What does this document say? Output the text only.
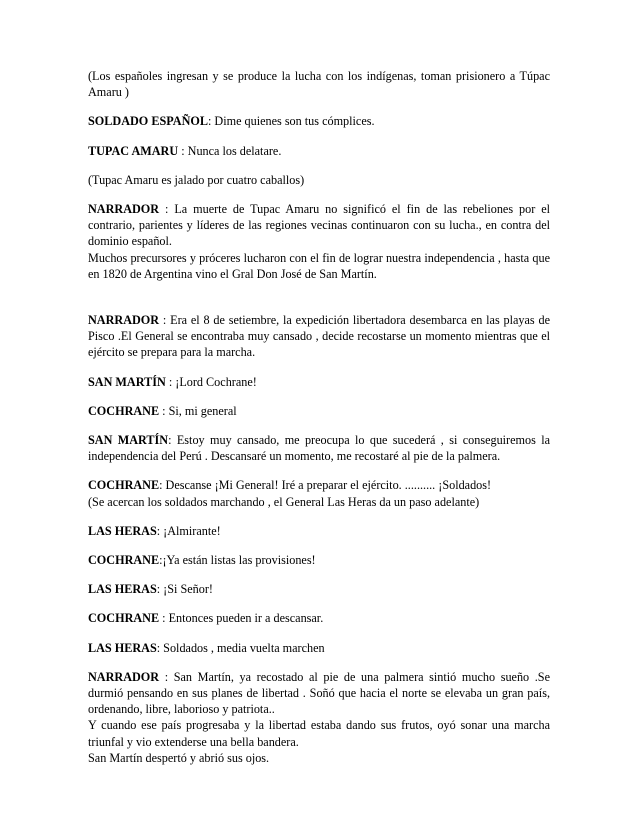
(Los españoles ingresan y se produce la lucha con los indígenas, toman prisionero a Túpac Amaru )

SOLDADO ESPAÑOL: Dime quienes son tus cómplices.

TUPAC AMARU : Nunca los delatare.

(Tupac Amaru es jalado por cuatro caballos)

NARRADOR : La muerte de Tupac Amaru no significó el fin de las rebeliones por el contrario, parientes y líderes de las regiones vecinas continuaron con su lucha., en contra del dominio español.
Muchos precursores y próceres lucharon con el fin de lograr nuestra independencia , hasta que en 1820 de Argentina vino el Gral Don José de San Martín.

NARRADOR : Era el 8 de setiembre, la expedición libertadora desembarca en las playas de Pisco .El General se encontraba muy cansado , decide recostarse un momento mientras que el ejército se prepara para la marcha.

SAN MARTÍN : ¡Lord Cochrane!

COCHRANE : Si, mi general

SAN MARTÍN: Estoy muy cansado, me preocupa lo que sucederá , si conseguiremos la independencia del Perú . Descansaré un momento, me recostaré al pie de la palmera.

COCHRANE: Descanse ¡Mi General! Iré a preparar el ejército. .......... ¡Soldados!
(Se acercan los soldados marchando , el General Las Heras da un paso adelante)

LAS HERAS: ¡Almirante!

COCHRANE:¡Ya están listas las provisiones!

LAS HERAS: ¡Si Señor!

COCHRANE : Entonces pueden ir a descansar.

LAS HERAS: Soldados , media vuelta marchen

NARRADOR : San Martín, ya recostado al pie de una palmera sintió mucho sueño .Se durmió pensando en sus planes de libertad . Soñó que hacia el norte se elevaba un gran país, ordenando, libre, laborioso y patriota..
Y cuando ese país progresaba y la libertad estaba dando sus frutos, oyó sonar una marcha triunfal y vio extenderse una bella bandera.
San Martín despertó y abrió sus ojos.
